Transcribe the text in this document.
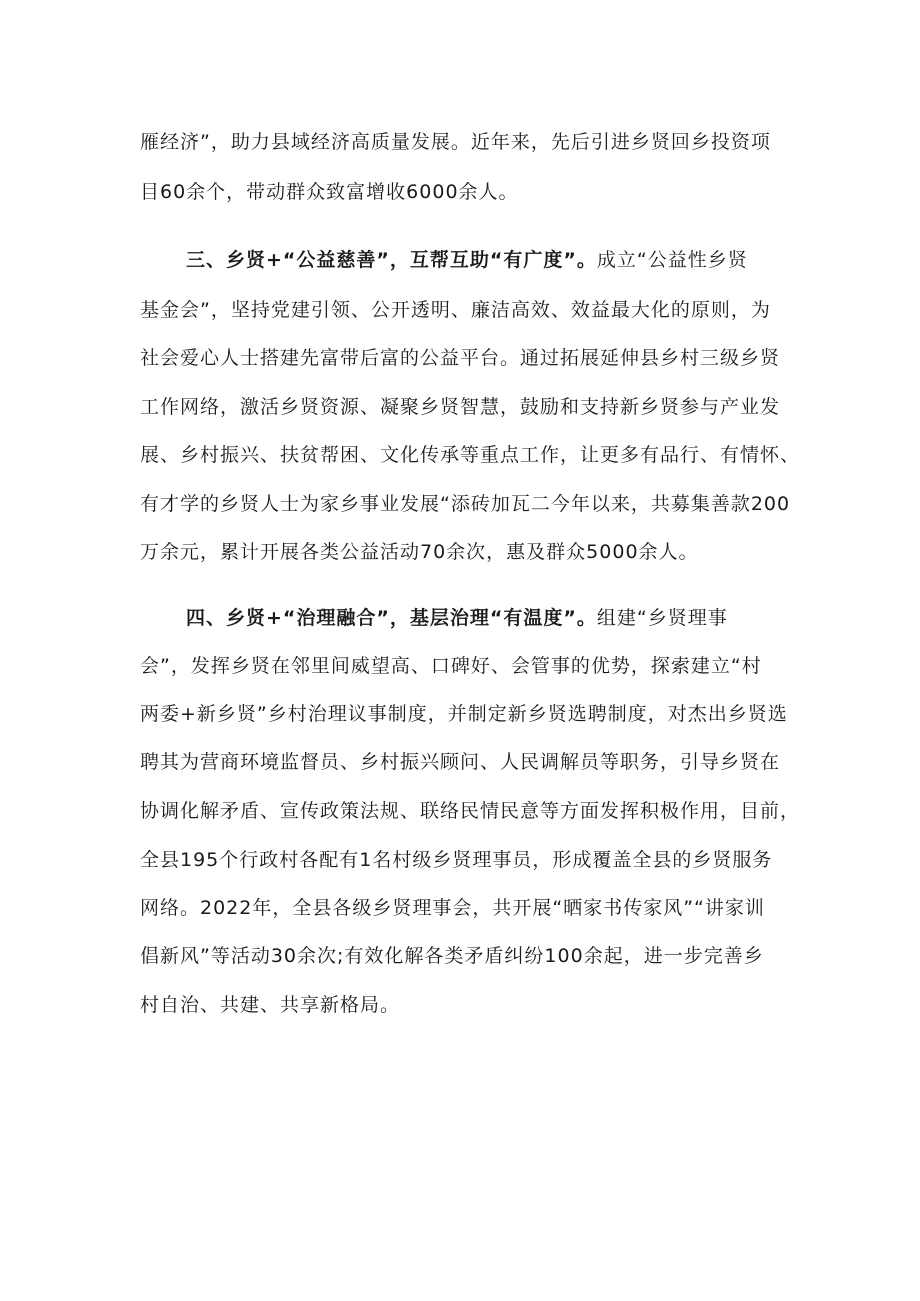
雁经济”，助力县域经济高质量发展。近年来，先后引进乡贤回乡投资项
目60余个，带动群众致富增收6000余人。
三、乡贤+“公益慈善”，互帮互助“有广度”。成立“公益性乡贤
基金会”，坚持党建引领、公开透明、廉洁高效、效益最大化的原则，为
社会爱心人士搭建先富带后富的公益平台。通过拓展延伸县乡村三级乡贤
工作网络，激活乡贤资源、凝聚乡贤智慧，鼓励和支持新乡贤参与产业发
展、乡村振兴、扶贫帮困、文化传承等重点工作，让更多有品行、有情怀、
有才学的乡贤人士为家乡事业发展“添砖加瓦二今年以来，共募集善款200
万余元，累计开展各类公益活动70余次，惠及群众5000余人。
四、乡贤+“治理融合”，基层治理“有温度”。组建“乡贤理事
会”，发挥乡贤在邻里间威望高、口碑好、会管事的优势，探索建立“村
两委+新乡贤”乡村治理议事制度，并制定新乡贤选聘制度，对杰出乡贤选
聘其为营商环境监督员、乡村振兴顾问、人民调解员等职务，引导乡贤在
协调化解矛盾、宣传政策法规、联络民情民意等方面发挥积极作用，目前，
全县195个行政村各配有1名村级乡贤理事员，形成覆盖全县的乡贤服务
网络。2022年，全县各级乡贤理事会，共开展“晒家书传家风”“讲家训
倡新风”等活动30余次;有效化解各类矛盾纠纷100余起，进一步完善乡
村自治、共建、共享新格局。
